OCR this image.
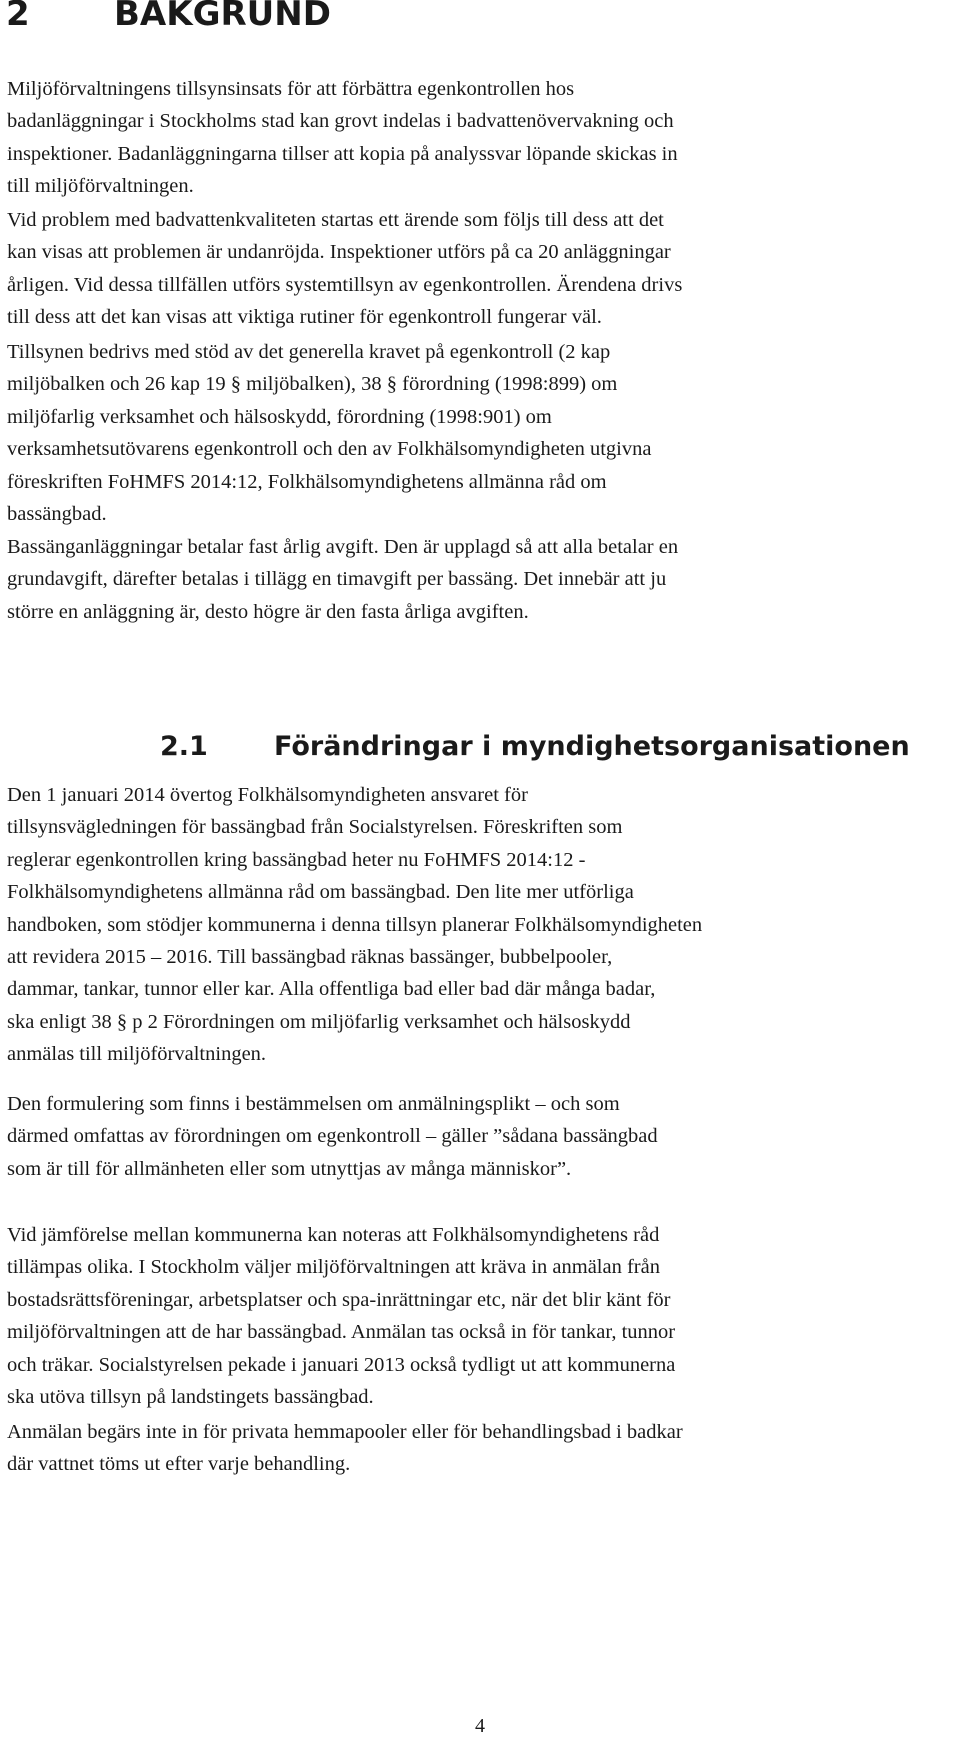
2 BAKGRUND

Miljöförvaltningens tillsynsinsats för att förbättra egenkontrollen hos
badanläggningar i Stockholms stad kan grovt indelas i badvattenövervakning och
inspektioner. Badanläggningarna tillser att kopia på analyssvar löpande skickas in
till miljöförvaltningen.

Vid problem med badvattenkvaliteten startas ett ärende som följs till dess att det
kan visas att problemen är undanröjda. Inspektioner utförs på ca 20 anläggningar
årligen. Vid dessa tillfällen utförs systemtillsyn av egenkontrollen. Ärendena drivs
till dess att det kan visas att viktiga rutiner för egenkontroll fungerar väl.

Tillsynen bedrivs med stöd av det generella kravet på egenkontroll (2 kap
miljöbalken och 26 kap 19 § miljöbalken), 38 § förordning (1998:899) om
miljöfarlig verksamhet och hälsoskydd, förordning (1998:901) om
verksamhetsutövarens egenkontroll och den av Folkhälsomyndigheten utgivna
föreskriften FoHMFS 2014:12, Folkhälsomyndighetens allmänna råd om
bassängbad.

Bassänganläggningar betalar fast årlig avgift. Den är upplagd så att alla betalar en
grundavgift, därefter betalas i tillägg en timavgift per bassäng. Det innebär att ju
större en anläggning är, desto högre är den fasta årliga avgiften.

2.1 Förändringar i myndighetsorganisationen

Den 1 januari 2014 övertog Folkhälsomyndigheten ansvaret för
tillsynsvägledningen för bassängbad från Socialstyrelsen. Föreskriften som
reglerar egenkontrollen kring bassängbad heter nu FoHMFS 2014:12 -
Folkhälsomyndighetens allmänna råd om bassängbad. Den lite mer utförliga
handboken, som stödjer kommunerna i denna tillsyn planerar Folkhälsomyndigheten
att revidera 2015 – 2016. Till bassängbad räknas bassänger, bubbelpooler,
dammar, tankar, tunnor eller kar. Alla offentliga bad eller bad där många badar,
ska enligt 38 § p 2 Förordningen om miljöfarlig verksamhet och hälsoskydd
anmälas till miljöförvaltningen.

Den formulering som finns i bestämmelsen om anmälningsplikt – och som
därmed omfattas av förordningen om egenkontroll – gäller ”sådana bassängbad
som är till för allmänheten eller som utnyttjas av många människor”.

Vid jämförelse mellan kommunerna kan noteras att Folkhälsomyndighetens råd
tillämpas olika. I Stockholm väljer miljöförvaltningen att kräva in anmälan från
bostadsrättsföreningar, arbetsplatser och spa-inrättningar etc, när det blir känt för
miljöförvaltningen att de har bassängbad. Anmälan tas också in för tankar, tunnor
och träkar. Socialstyrelsen pekade i januari 2013 också tydligt ut att kommunerna
ska utöva tillsyn på landstingets bassängbad.

Anmälan begärs inte in för privata hemmapooler eller för behandlingsbad i badkar
där vattnet töms ut efter varje behandling.

4
